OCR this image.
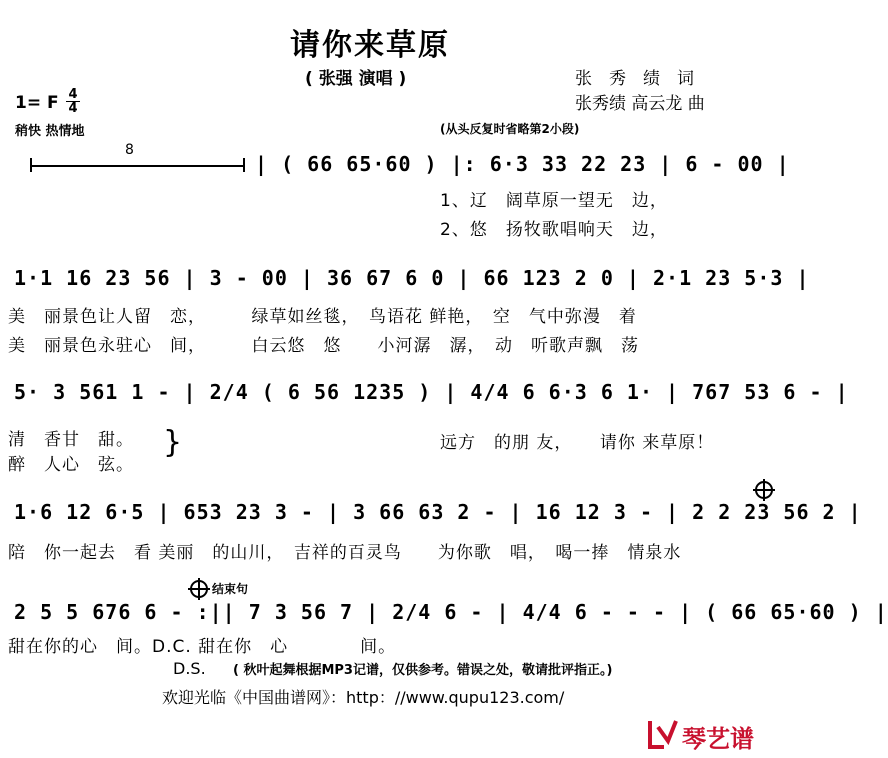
请你来草原
( 张强 演唱 )	张　秀　绩　词
张秀绩 高云龙 曲
1= F 4
4
稍快 热情地	(从头反复时省略第2小段)
8
| ( 66 65·60 ) |: 6·3 33 22 23 | 6 - 00 |
1、辽　阔草原一望无　边，
2、悠　扬牧歌唱响天　边，
1·1 16 23 56 | 3 - 00 | 36 67 6 0 | 66 123 2 0 | 2·1 23 5·3 |
美　丽景色让人留　恋，　　　绿草如丝毯，　鸟语花 鲜艳，　空　气中弥漫　着
美　丽景色永驻心　间，　　　白云悠　悠　　小河潺　潺，　动　听歌声飘　荡
5· 3 561 1 - | 2/4 ( 6 56 1235 ) | 4/4 6 6·3 6 1· | 767 53 6 - |
清　香甘　甜。
醉　人心　弦。
}	远方　的朋 友，　　请你 来草原！
1·6 12 6·5 | 653 23 3 - | 3 66 63 2 - | 16 12 3 - | 2 2 23 56 2 |
陪　你一起去　看 美丽　的山川，　吉祥的百灵鸟　　为你歌　唱，　喝一捧　情泉水
结束句
2 5 5 676 6 - :|| 7 3 56 7 | 2/4 6 - | 4/4 6 - - - | ( 66 65·60 ) |
甜在你的心　间。D.C. 甜在你　心　　　　间。
D.S. ( 秋叶起舞根据MP3记谱，仅供参考。错误之处，敬请批评指正。)
欢迎光临《中国曲谱网》：http：//www.qupu123.com/
琴艺谱
